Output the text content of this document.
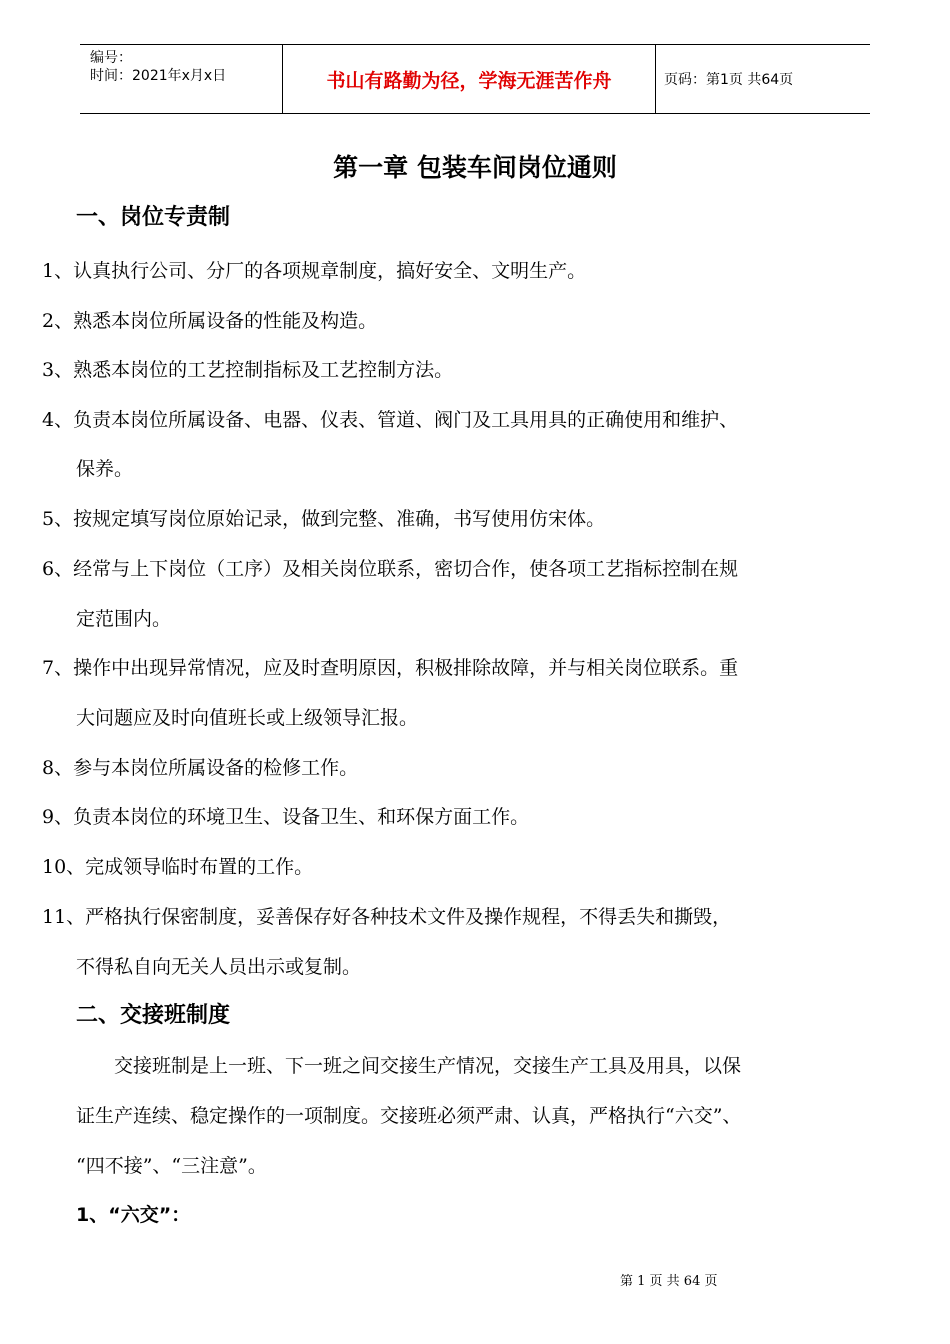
编号：
时间：2021年x月x日	书山有路勤为径，学海无涯苦作舟	页码：第1页 共64页
第一章 包装车间岗位通则
一、岗位专责制
1、认真执行公司、分厂的各项规章制度，搞好安全、文明生产。
2、熟悉本岗位所属设备的性能及构造。
3、熟悉本岗位的工艺控制指标及工艺控制方法。
4、负责本岗位所属设备、电器、仪表、管道、阀门及工具用具的正确使用和维护、
保养。
5、按规定填写岗位原始记录，做到完整、准确，书写使用仿宋体。
6、经常与上下岗位（工序）及相关岗位联系，密切合作，使各项工艺指标控制在规
定范围内。
7、操作中出现异常情况，应及时查明原因，积极排除故障，并与相关岗位联系。重
大问题应及时向值班长或上级领导汇报。
8、参与本岗位所属设备的检修工作。
9、负责本岗位的环境卫生、设备卫生、和环保方面工作。
10、完成领导临时布置的工作。
11、严格执行保密制度，妥善保存好各种技术文件及操作规程，不得丢失和撕毁，
不得私自向无关人员出示或复制。
二、交接班制度
交接班制是上一班、下一班之间交接生产情况，交接生产工具及用具，以保
证生产连续、稳定操作的一项制度。交接班必须严肃、认真，严格执行“六交”、
“四不接”、“三注意”。
1、“六交”：
第 1 页 共 64 页
